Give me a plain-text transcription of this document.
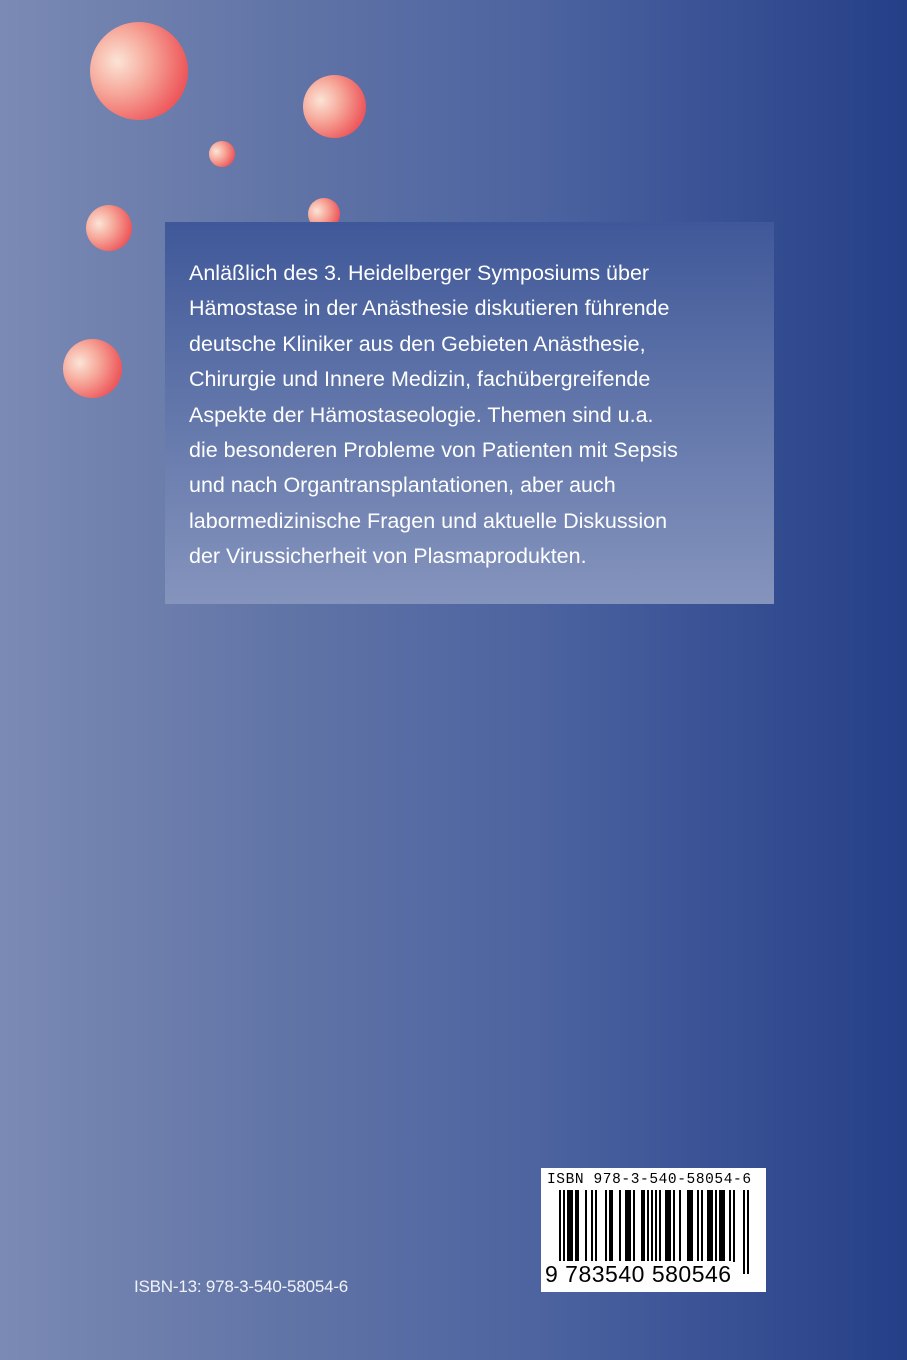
Anläßlich des 3. Heidelberger Symposiums über
Hämostase in der Anästhesie diskutieren führende
deutsche Kliniker aus den Gebieten Anästhesie,
Chirurgie und Innere Medizin, fachübergreifende
Aspekte der Hämostaseologie. Themen sind u.a.
die besonderen Probleme von Patienten mit Sepsis
und nach Organtransplantationen, aber auch
labormedizinische Fragen und aktuelle Diskussion
der Virussicherheit von Plasmaprodukten.
ISBN-13: 978-3-540-58054-6
ISBN 978-3-540-58054-6
9 783540 580546
